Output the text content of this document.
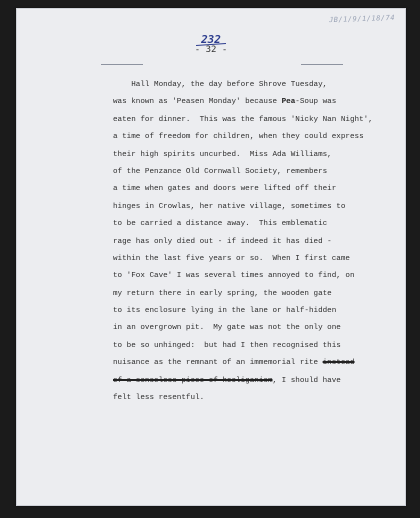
JB/1/9/1/18/74
232
- 32 -
Hall Monday, the day before Shrove Tuesday,
was known as 'Peasen Monday' because Pea-Soup was
eaten for dinner.  This was the famous 'Nicky Nan Night',
a time of freedom for children, when they could express
their high spirits uncurbed.  Miss Ada Williams,
of the Penzance Old Cornwall Society, remembers
a time when gates and doors were lifted off their
hinges in Crowlas, her native village, sometimes to
to be carried a distance away.  This emblematic
rage has only died out - if indeed it has died -
within the last five years or so.  When I first came
to 'Fox Cave' I was several times annoyed to find, on
my return there in early spring, the wooden gate
to its enclosure lying in the lane or half-hidden
in an overgrown pit.  My gate was not the only one
to be so unhinged:  but had I then recognised this
nuisance as the remnant of an immemorial rite instead
of a senseless piece of hooliganism, I should have
felt less resentful.
